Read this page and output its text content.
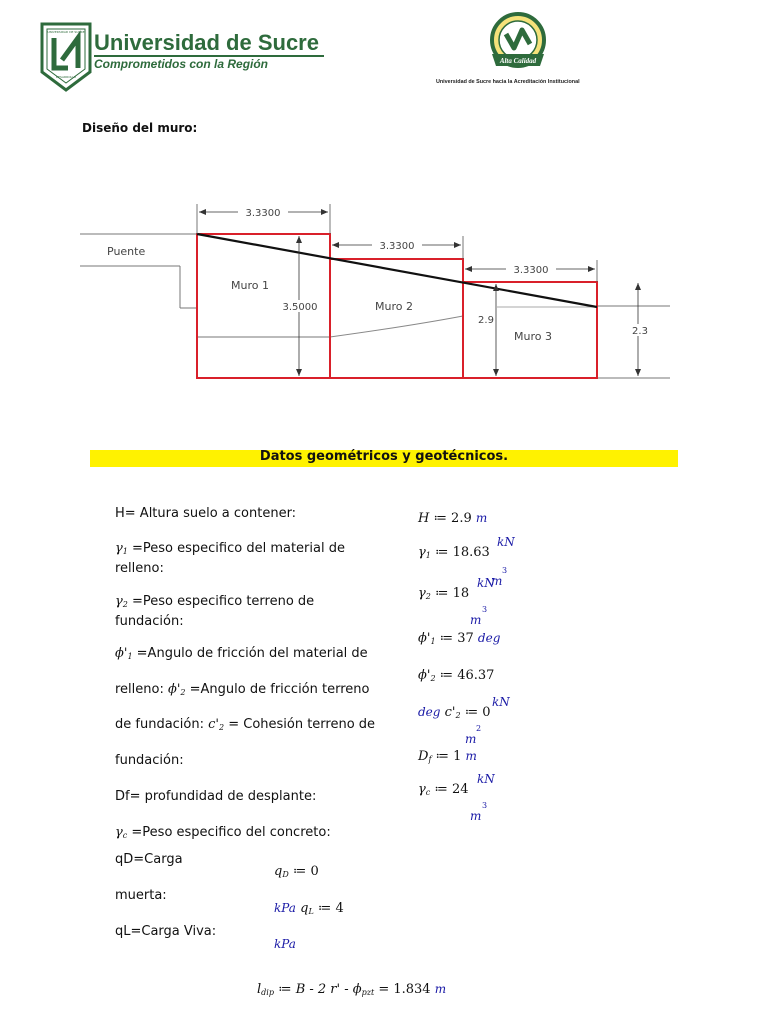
UNIVERSIDAD DE SUCRE
DESARROLLO
Universidad de Sucre
Comprometidos con la Región	Alta Calidad
Universidad de Sucre hacia la Acreditación Institucional
Diseño del muro:
3.3300
3.3300
3.3300
3.5000
2.9
2.3
Puente
Muro 1
Muro 2
Muro 3
Datos geométricos y geotécnicos.
H= Altura suelo a contener:
$\gamma_1$ =Peso especifico del material de relleno:
$\gamma_2$ =Peso especifico terreno de fundación:
$\phi'_1$ =Angulo de fricción del material de
relleno: $\phi'_2$ =Angulo de fricción terreno
de fundación: $c'_2$ = Cohesión terreno de
fundación:
Df= profundidad de desplante:
$\gamma_c$ =Peso especifico del concreto:
qD=Carga
muerta:
qL=Carga Viva:
H ≔ 2.9 m
$\gamma_1$ ≔ 18.63
kN
m
3
$\gamma_2$ ≔ 18
kN
m
3
$\phi'_1$ ≔ 37 deg
$\phi'_2$ ≔ 46.37
deg $c'_2$ ≔ 0
kN
m
2
$D_f$ ≔ 1 m
$\gamma_c$ ≔ 24
kN
m
3
$q_D$ ≔ 0
kPa $q_L$ ≔ 4
kPa
$l_{dip}$ ≔ B - 2 $r' - \phi_{pzt} = 1.834$ m
